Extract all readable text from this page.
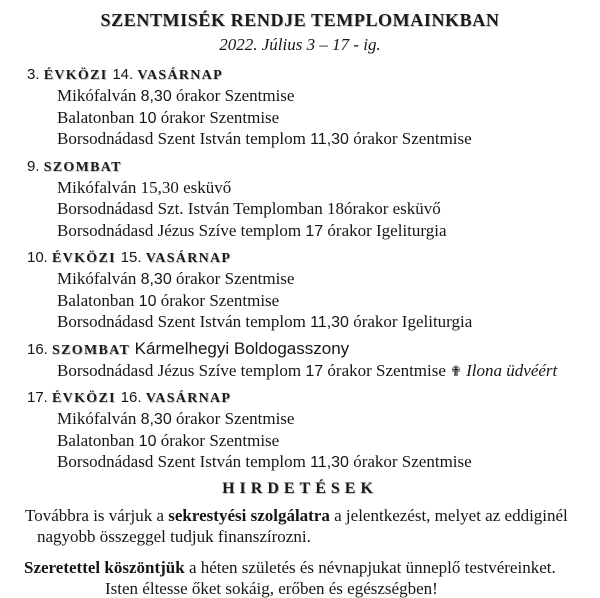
SZENTMISÉK RENDJE TEMPLOMAINKBAN
2022. Július 3 – 17 - ig.
3. ÉVKÖZI 14. VASÁRNAP
Mikófalván 8,30 órakor Szentmise
Balatonban 10 órakor Szentmise
Borsodnádasd Szent István templom 11,30 órakor Szentmise
9. SZOMBAT
Mikófalván 15,30 esküvő
Borsodnádasd Szt. István Templomban 18órakor esküvő
Borsodnádasd Jézus Szíve templom 17 órakor Igeliturgia
10. ÉVKÖZI 15. VASÁRNAP
Mikófalván 8,30 órakor Szentmise
Balatonban 10 órakor Szentmise
Borsodnádasd Szent István templom 11,30 órakor Igeliturgia
16. SZOMBAT Kármelhegyi Boldogasszony
Borsodnádasd Jézus Szíve templom 17 órakor Szentmise ✟ Ilona üdvéért
17. ÉVKÖZI 16. VASÁRNAP
Mikófalván 8,30 órakor Szentmise
Balatonban 10 órakor Szentmise
Borsodnádasd Szent István templom 11,30 órakor Szentmise
HIRDETÉSEK
Továbbra is várjuk a sekrestyési szolgálatra a jelentkezést, melyet az eddiginél
nagyobb összeggel tudjuk finanszírozni.
Szeretettel köszöntjük a héten születés és névnapjukat ünneplő testvéreinket.
Isten éltesse őket sokáig, erőben és egészségben!
